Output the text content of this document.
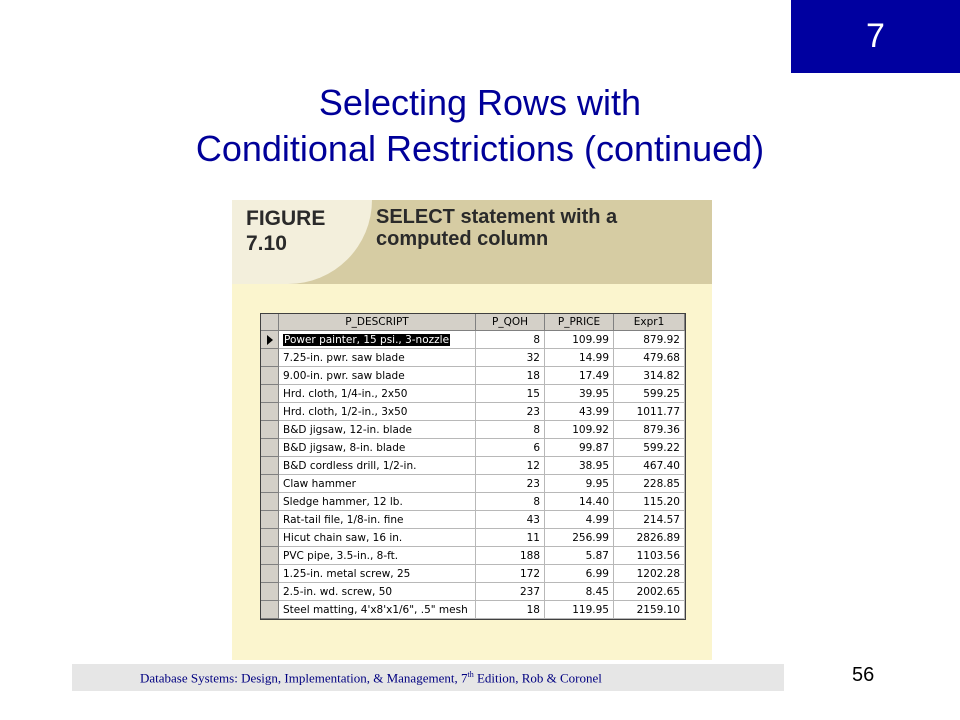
7
Selecting Rows with
Conditional Restrictions (continued)
FIGURE
7.10
SELECT statement with a computed column
	P_DESCRIPT	P_QOH	P_PRICE	Expr1
	Power painter, 15 psi., 3-nozzle	8	109.99	879.92
	7.25-in. pwr. saw blade	32	14.99	479.68
	9.00-in. pwr. saw blade	18	17.49	314.82
	Hrd. cloth, 1/4-in., 2x50	15	39.95	599.25
	Hrd. cloth, 1/2-in., 3x50	23	43.99	1011.77
	B&D jigsaw, 12-in. blade	8	109.92	879.36
	B&D jigsaw, 8-in. blade	6	99.87	599.22
	B&D cordless drill, 1/2-in.	12	38.95	467.40
	Claw hammer	23	9.95	228.85
	Sledge hammer, 12 lb.	8	14.40	115.20
	Rat-tail file, 1/8-in. fine	43	4.99	214.57
	Hicut chain saw, 16 in.	11	256.99	2826.89
	PVC pipe, 3.5-in., 8-ft.	188	5.87	1103.56
	1.25-in. metal screw, 25	172	6.99	1202.28
	2.5-in. wd. screw, 50	237	8.45	2002.65
	Steel matting, 4'x8'x1/6", .5" mesh	18	119.95	2159.10
Database Systems: Design, Implementation, & Management, 7th Edition, Rob & Coronel	56
